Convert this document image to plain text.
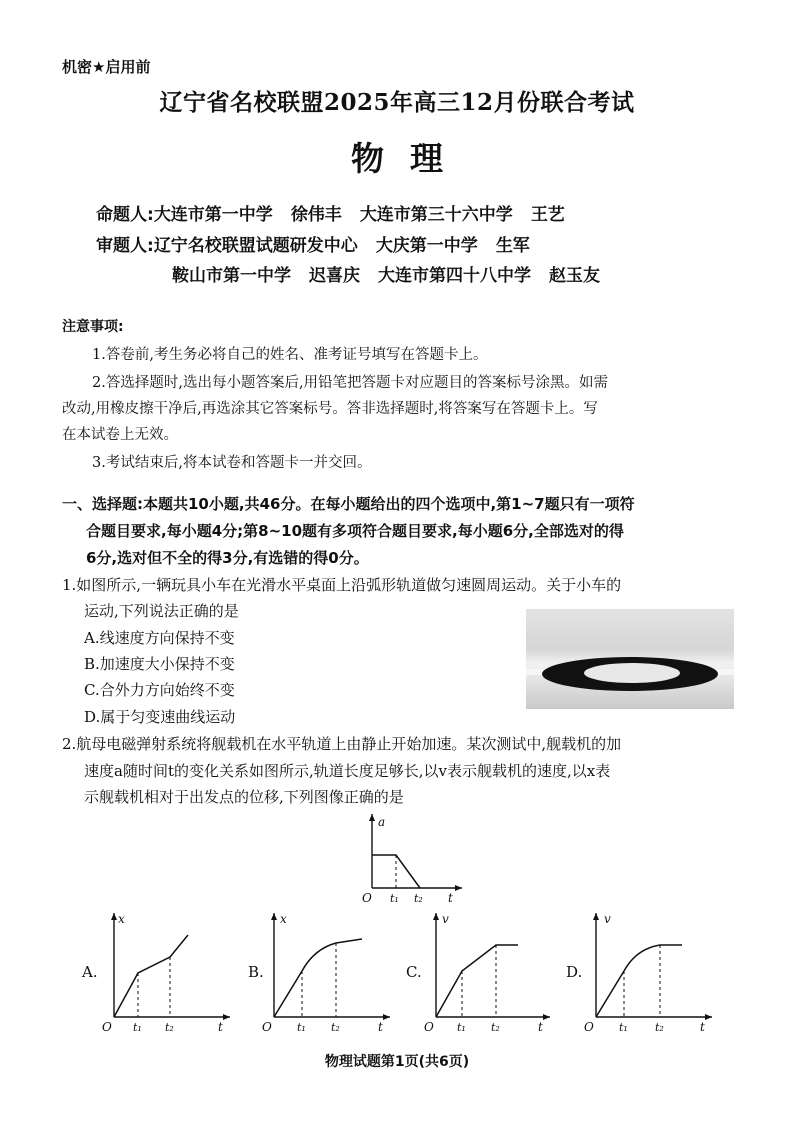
机密★启用前
辽宁省名校联盟2025年高三12月份联合考试
物理
命题人:大连市第一中学 徐伟丰 大连市第三十六中学 王艺
审题人:辽宁名校联盟试题研发中心 大庆第一中学 生军
鞍山市第一中学 迟喜庆 大连市第四十八中学 赵玉友
注意事项:
1.答卷前,考生务必将自己的姓名、准考证号填写在答题卡上。
2.答选择题时,选出每小题答案后,用铅笔把答题卡对应题目的答案标号涂黑。如需
改动,用橡皮擦干净后,再选涂其它答案标号。答非选择题时,将答案写在答题卡上。写
在本试卷上无效。
3.考试结束后,将本试卷和答题卡一并交回。
一、选择题:本题共10小题,共46分。在每小题给出的四个选项中,第1~7题只有一项符
合题目要求,每小题4分;第8~10题有多项符合题目要求,每小题6分,全部选对的得
6分,选对但不全的得3分,有选错的得0分。
1.如图所示,一辆玩具小车在光滑水平桌面上沿弧形轨道做匀速圆周运动。关于小车的
运动,下列说法正确的是
A.线速度方向保持不变
B.加速度大小保持不变
C.合外力方向始终不变
D.属于匀变速曲线运动
2.航母电磁弹射系统将舰载机在水平轨道上由静止开始加速。某次测试中,舰载机的加
速度a随时间t的变化关系如图所示,轨道长度足够长,以v表示舰载机的速度,以x表
示舰载机相对于出发点的位移,下列图像正确的是
a
O t₁ t₂ t
A.
x
O t₁ t₂	t
B.
x
O t₁ t₂	t
C.
v
O t₁ t₂	t
D.
v
O t₁ t₂	t
物理试题第1页(共6页)
